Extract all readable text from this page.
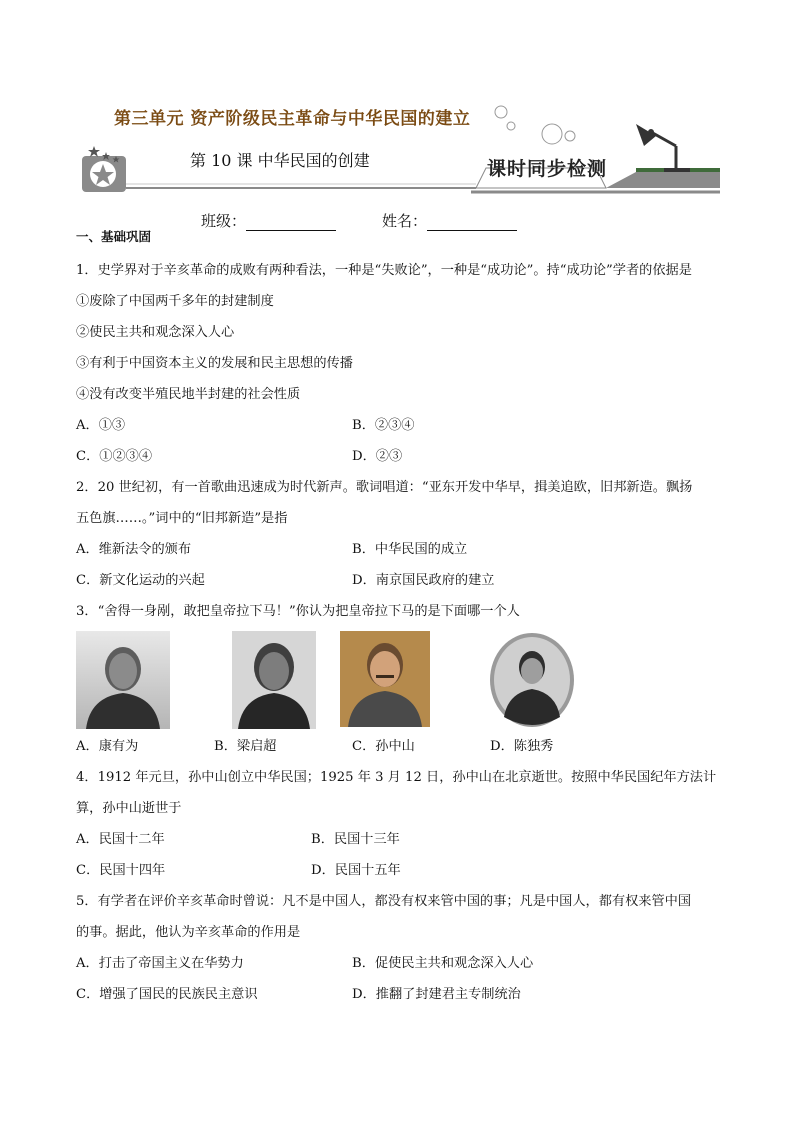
第三单元 资产阶级民主革命与中华民国的建立
第 10 课 中华民国的创建	课时同步检测
班级：	姓名：
一、基础巩固
1．史学界对于辛亥革命的成败有两种看法，一种是“失败论”，一种是“成功论”。持“成功论”学者的依据是
①废除了中国两千多年的封建制度
②使民主共和观念深入人心
③有利于中国资本主义的发展和民主思想的传播
④没有改变半殖民地半封建的社会性质
A．①③	B．②③④
C．①②③④	D．②③
2．20 世纪初，有一首歌曲迅速成为时代新声。歌词唱道：“亚东开发中华早，揖美追欧，旧邦新造。飘扬
五色旗……。”词中的“旧邦新造”是指
A．维新法令的颁布	B．中华民国的成立
C．新文化运动的兴起	D．南京国民政府的建立
3．“舍得一身剐，敢把皇帝拉下马！”你认为把皇帝拉下马的是下面哪一个人
A．康有为	B．梁启超	C．孙中山	D．陈独秀
4．1912 年元旦，孙中山创立中华民国；1925 年 3 月 12 日，孙中山在北京逝世。按照中华民国纪年方法计
算，孙中山逝世于
A．民国十二年	B．民国十三年
C．民国十四年	D．民国十五年
5．有学者在评价辛亥革命时曾说：凡不是中国人，都没有权来管中国的事；凡是中国人，都有权来管中国
的事。据此，他认为辛亥革命的作用是
A．打击了帝国主义在华势力	B．促使民主共和观念深入人心
C．增强了国民的民族民主意识	D．推翻了封建君主专制统治
